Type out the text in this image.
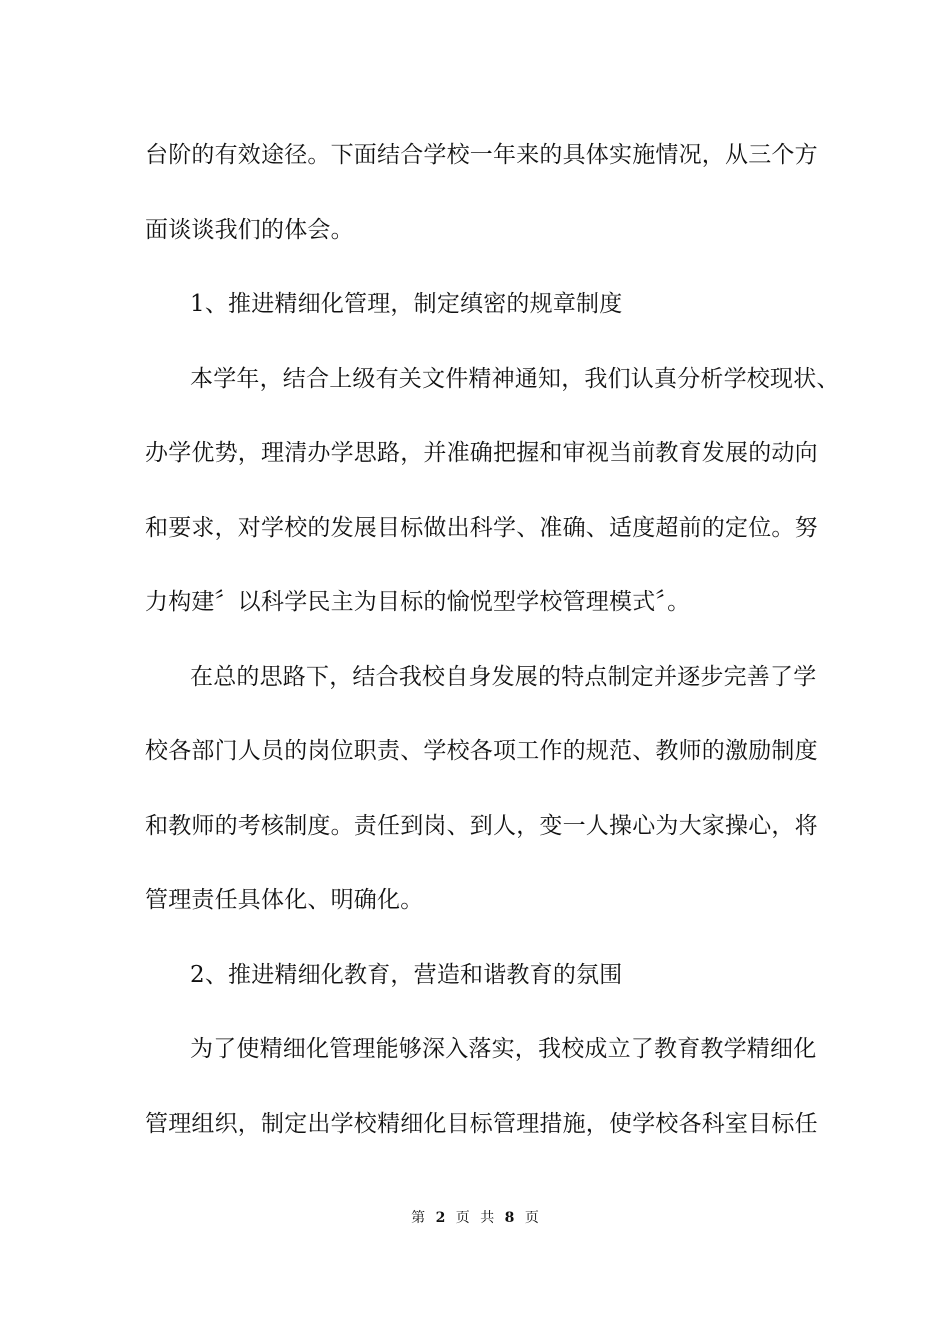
台阶的有效途径。下面结合学校一年来的具体实施情况，从三个方
面谈谈我们的体会。
1、推进精细化管理，制定缜密的规章制度
本学年，结合上级有关文件精神通知，我们认真分析学校现状、
办学优势，理清办学思路，并准确把握和审视当前教育发展的动向
和要求，对学校的发展目标做出科学、准确、适度超前的定位。努
力构建〞以科学民主为目标的愉悦型学校管理模式〞。
在总的思路下，结合我校自身发展的特点制定并逐步完善了学
校各部门人员的岗位职责、学校各项工作的规范、教师的激励制度
和教师的考核制度。责任到岗、到人，变一人操心为大家操心，将
管理责任具体化、明确化。
2、推进精细化教育，营造和谐教育的氛围
为了使精细化管理能够深入落实，我校成立了教育教学精细化
管理组织，制定出学校精细化目标管理措施，使学校各科室目标任
第 2 页 共 8 页
